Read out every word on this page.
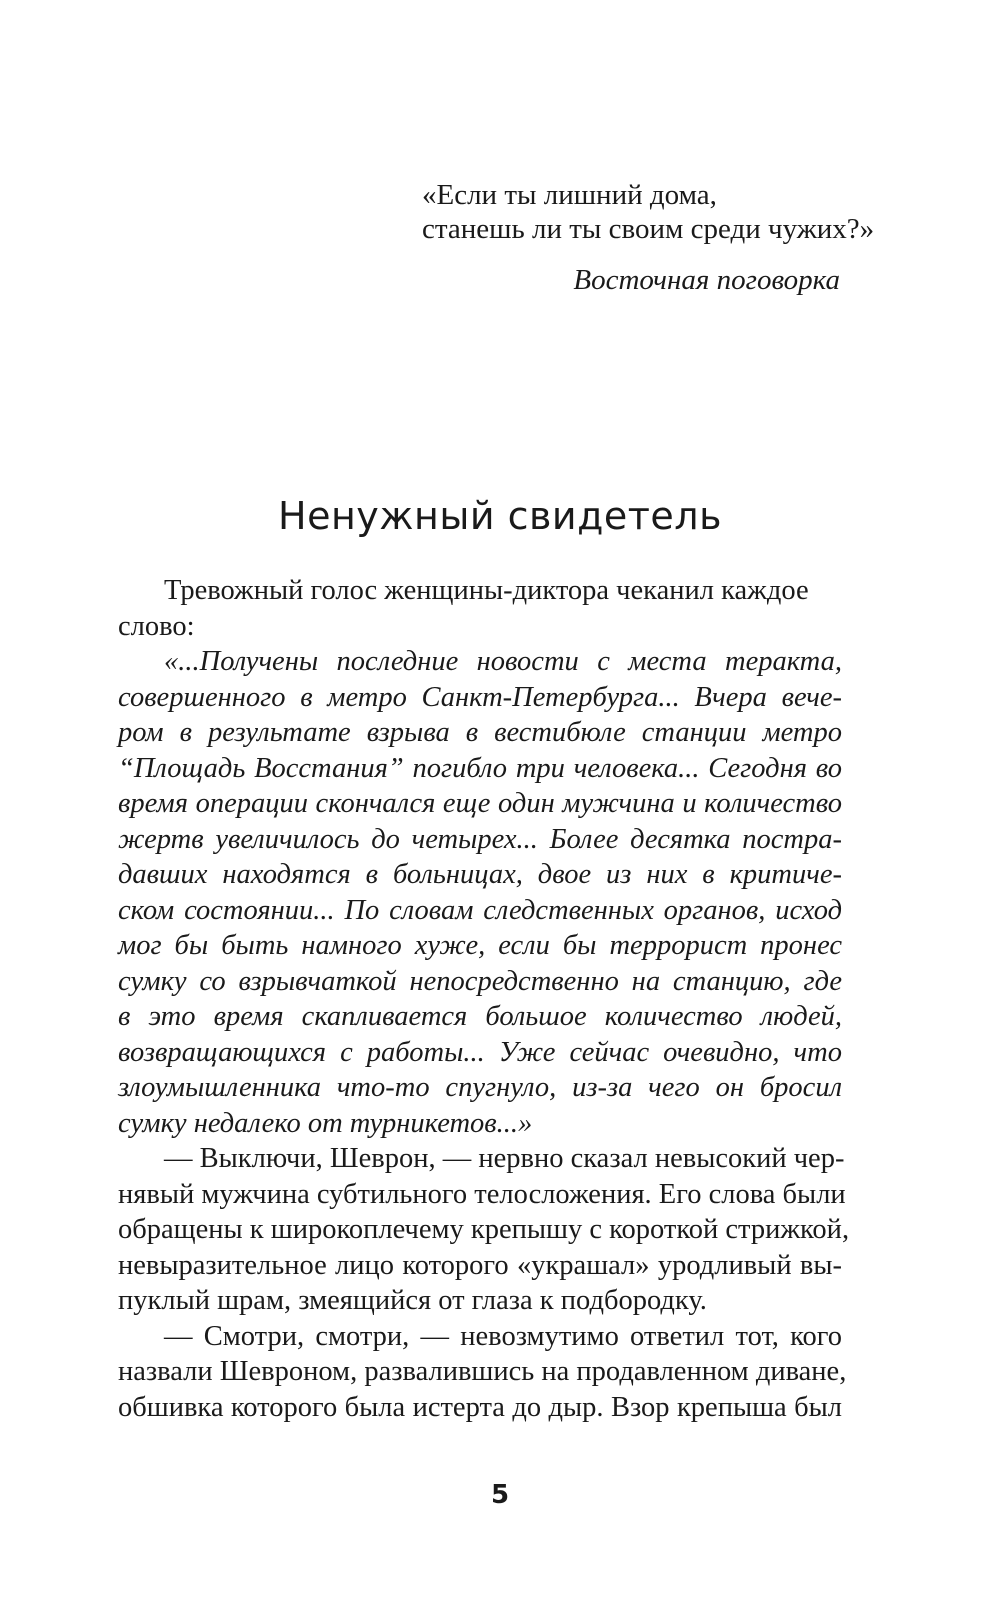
«Если ты лишний дома,
станешь ли ты своим среди чужих?»
Восточная поговорка
Ненужный свидетель
Тревожный голос женщины-диктора чеканил каждое
слово:
«...Получены последние новости с места теракта,
совершенного в метро Санкт-Петербурга... Вчера вече-
ром в результате взрыва в вестибюле станции метро
“Площадь Восстания” погибло три человека... Сегодня во
время операции скончался еще один мужчина и количество
жертв увеличилось до четырех... Более десятка постра-
давших находятся в больницах, двое из них в критиче-
ском состоянии... По словам следственных органов, исход
мог бы быть намного хуже, если бы террорист пронес
сумку со взрывчаткой непосредственно на станцию, где
в это время скапливается большое количество людей,
возвращающихся с работы... Уже сейчас очевидно, что
злоумышленника что-то спугнуло, из-за чего он бросил
сумку недалеко от турникетов...»
— Выключи, Шеврон, — нервно сказал невысокий чер-
нявый мужчина субтильного телосложения. Его слова были
обращены к широкоплечему крепышу с короткой стрижкой,
невыразительное лицо которого «украшал» уродливый вы-
пуклый шрам, змеящийся от глаза к подбородку.
— Смотри, смотри, — невозмутимо ответил тот, кого
назвали Шевроном, развалившись на продавленном диване,
обшивка которого была истерта до дыр. Взор крепыша был
5
